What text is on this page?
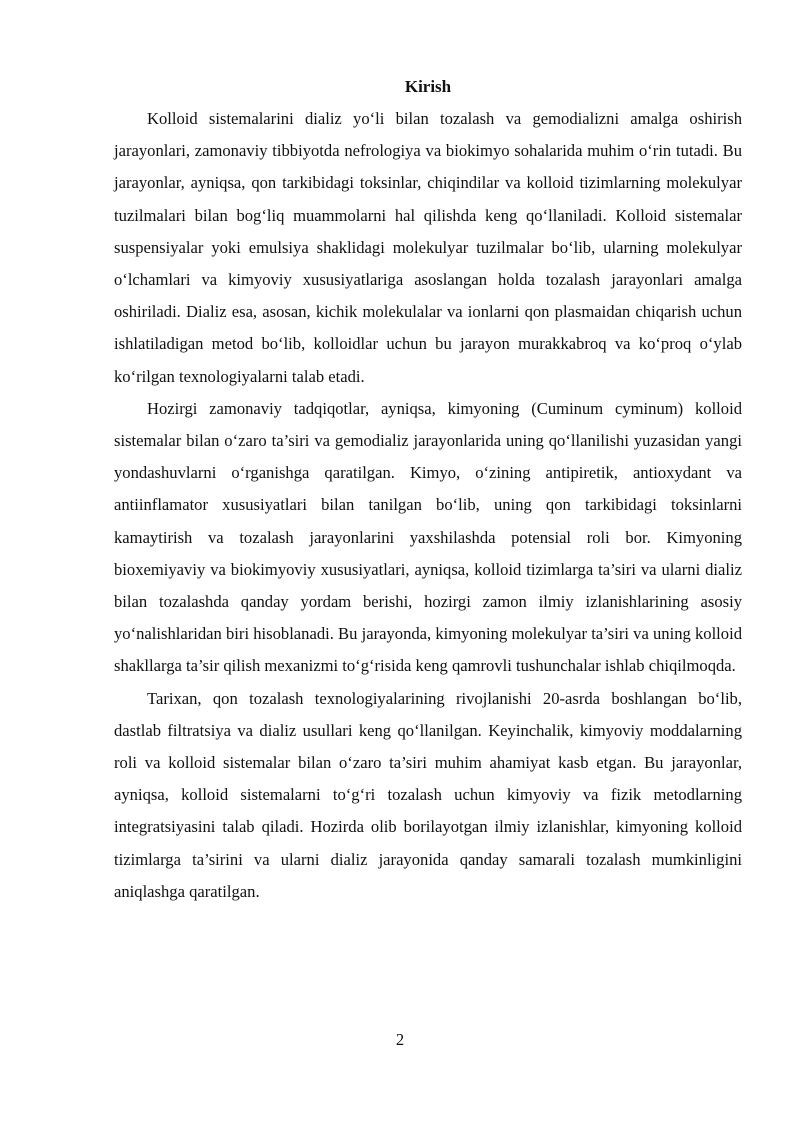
Kirish

Kolloid sistemalarini dializ yo‘li bilan tozalash va gemodializni amalga oshirish jarayonlari, zamonaviy tibbiyotda nefrologiya va biokimyo sohalarida muhim o‘rin tutadi. Bu jarayonlar, ayniqsa, qon tarkibidagi toksinlar, chiqindilar va kolloid tizimlarning molekulyar tuzilmalari bilan bog‘liq muammolarni hal qilishda keng qo‘llaniladi. Kolloid sistemalar suspensiyalar yoki emulsiya shaklidagi molekulyar tuzilmalar bo‘lib, ularning molekulyar o‘lchamlari va kimyoviy xususiyatlariga asoslangan holda tozalash jarayonlari amalga oshiriladi. Dializ esa, asosan, kichik molekulalar va ionlarni qon plasmaidan chiqarish uchun ishlatiladigan metod bo‘lib, kolloidlar uchun bu jarayon murakkabroq va ko‘proq o‘ylab ko‘rilgan texnologiyalarni talab etadi.

Hozirgi zamonaviy tadqiqotlar, ayniqsa, kimyoning (Cuminum cyminum) kolloid sistemalar bilan o‘zaro ta’siri va gemodializ jarayonlarida uning qo‘llanilishi yuzasidan yangi yondashuvlarni o‘rganishga qaratilgan. Kimyo, o‘zining antipiretik, antioxydant va antiinflamator xususiyatlari bilan tanilgan bo‘lib, uning qon tarkibidagi toksinlarni kamaytirish va tozalash jarayonlarini yaxshilashda potensial roli bor. Kimyoning bioxemiyaviy va biokimyoviy xususiyatlari, ayniqsa, kolloid tizimlarga ta’siri va ularni dializ bilan tozalashda qanday yordam berishi, hozirgi zamon ilmiy izlanishlarining asosiy yo‘nalishlaridan biri hisoblanadi. Bu jarayonda, kimyoning molekulyar ta’siri va uning kolloid shakllarga ta’sir qilish mexanizmi to‘g‘risida keng qamrovli tushunchalar ishlab chiqilmoqda.

Tarixan, qon tozalash texnologiyalarining rivojlanishi 20-asrda boshlangan bo‘lib, dastlab filtratsiya va dializ usullari keng qo‘llanilgan. Keyinchalik, kimyoviy moddalarning roli va kolloid sistemalar bilan o‘zaro ta’siri muhim ahamiyat kasb etgan. Bu jarayonlar, ayniqsa, kolloid sistemalarni to‘g‘ri tozalash uchun kimyoviy va fizik metodlarning integratsiyasini talab qiladi. Hozirda olib borilayotgan ilmiy izlanishlar, kimyoning kolloid tizimlarga ta’sirini va ularni dializ jarayonida qanday samarali tozalash mumkinligini aniqlashga qaratilgan.

2
